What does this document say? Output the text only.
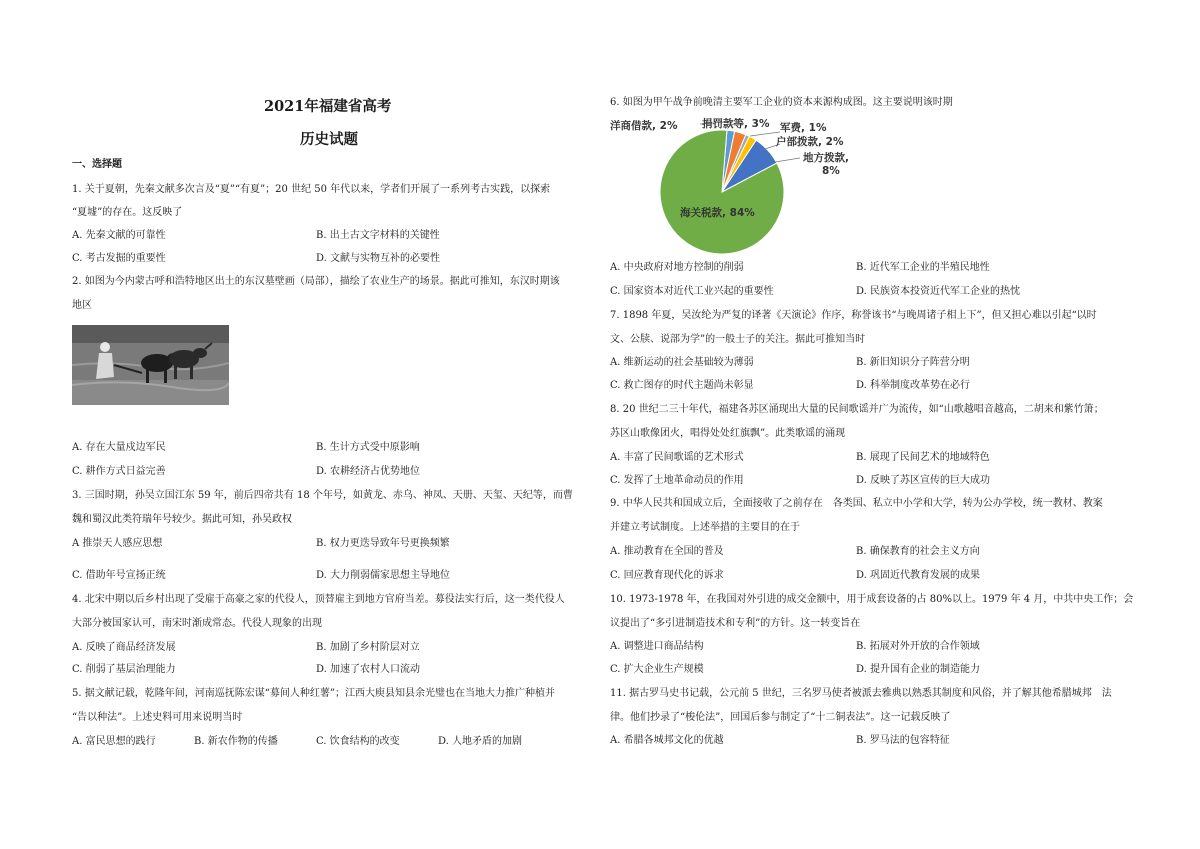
2021年福建省高考
历史试题
一、选择题
1. 关于夏朝，先秦文献多次言及“夏”“有夏”；20 世纪 50 年代以来，学者们开展了一系列考古实践，以探索
“夏墟”的存在。这反映了
A. 先秦文献的可靠性	B. 出土古文字材料的关键性
C. 考古发掘的重要性	D. 文献与实物互补的必要性
2. 如图为今内蒙古呼和浩特地区出土的东汉墓壁画（局部），描绘了农业生产的场景。据此可推知，东汉时期该
地区
A. 存在大量戍边军民	B. 生计方式受中原影响
C. 耕作方式日益完善	D. 农耕经济占优势地位
3. 三国时期，孙吴立国江东 59 年，前后四帝共有 18 个年号，如黄龙、赤乌、神凤、天册、天玺、天纪等，而曹
魏和蜀汉此类符瑞年号较少。据此可知，孙吴政权
A 推崇天人感应思想	B. 权力更迭导致年号更换频繁
C. 借助年号宣扬正统	D. 大力削弱儒家思想主导地位
4. 北宋中期以后乡村出现了受雇于高豪之家的代役人，顶替雇主到地方官府当差。募役法实行后，这一类代役人
大部分被国家认可，南宋时渐成常态。代役人现象的出现
A. 反映了商品经济发展	B. 加剧了乡村阶层对立
C. 削弱了基层治理能力	D. 加速了农村人口流动
5. 据文献记载，乾隆年间，河南巡抚陈宏谋“募间人种红薯”；江西大庾县知县余光璧也在当地大力推广种植并
“告以种法”。上述史料可用来说明当时
A. 富民思想的践行	B. 新农作物的传播	C. 饮食结构的改变	D. 人地矛盾的加剧
6. 如图为甲午战争前晚清主要军工企业的资本来源构成图。这主要说明该时期
洋商借款, 2% 捐罚款等, 3% 军费, 1%
户部拨款, 2%
地方拨款,
8%
海关税款, 84%
A. 中央政府对地方控制的削弱	B. 近代军工企业的半殖民地性
C. 国家资本对近代工业兴起的重要性	D. 民族资本投资近代军工企业的热忱
7. 1898 年夏，吴汝纶为严复的译著《天演论》作序，称誉该书“与晚周诸子相上下”，但又担心难以引起“以时
文、公牍、说部为学”的一般士子的关注。据此可推知当时
A. 维新运动的社会基础较为薄弱	B. 新旧知识分子阵营分明
C. 救亡图存的时代主题尚未彰显	D. 科举制度改革势在必行
8. 20 世纪二三十年代，福建各苏区涌现出大量的民间歌谣并广为流传，如“山歌越唱音越高，二胡来和紫竹箫；
苏区山歌像团火，唱得处处红旗飘”。此类歌谣的涌现
A. 丰富了民间歌谣的艺术形式	B. 展现了民间艺术的地域特色
C. 发挥了土地革命动员的作用	D. 反映了苏区宣传的巨大成功
9. 中华人民共和国成立后，全面接收了之前存在　各类国、私立中小学和大学，转为公办学校，统一教材、教案
并建立考试制度。上述举措的主要目的在于
A. 推动教育在全国的普及	B. 确保教育的社会主义方向
C. 回应教育现代化的诉求	D. 巩固近代教育发展的成果
10. 1973-1978 年，在我国对外引进的成交金额中，用于成套设备的占 80%以上。1979 年 4 月，中共中央工作；会
议提出了“多引进制造技术和专利”的方针。这一转变旨在
A. 调整进口商品结构	B. 拓展对外开放的合作领域
C. 扩大企业生产规模	D. 提升国有企业的制造能力
11. 据古罗马史书记载，公元前 5 世纪，三名罗马使者被派去雅典以熟悉其制度和风俗，并了解其他希腊城邦　法
律。他们抄录了“梭伦法”，回国后参与制定了“十二铜表法”。这一记载反映了
A. 希腊各城邦文化的优越	B. 罗马法的包容特征
